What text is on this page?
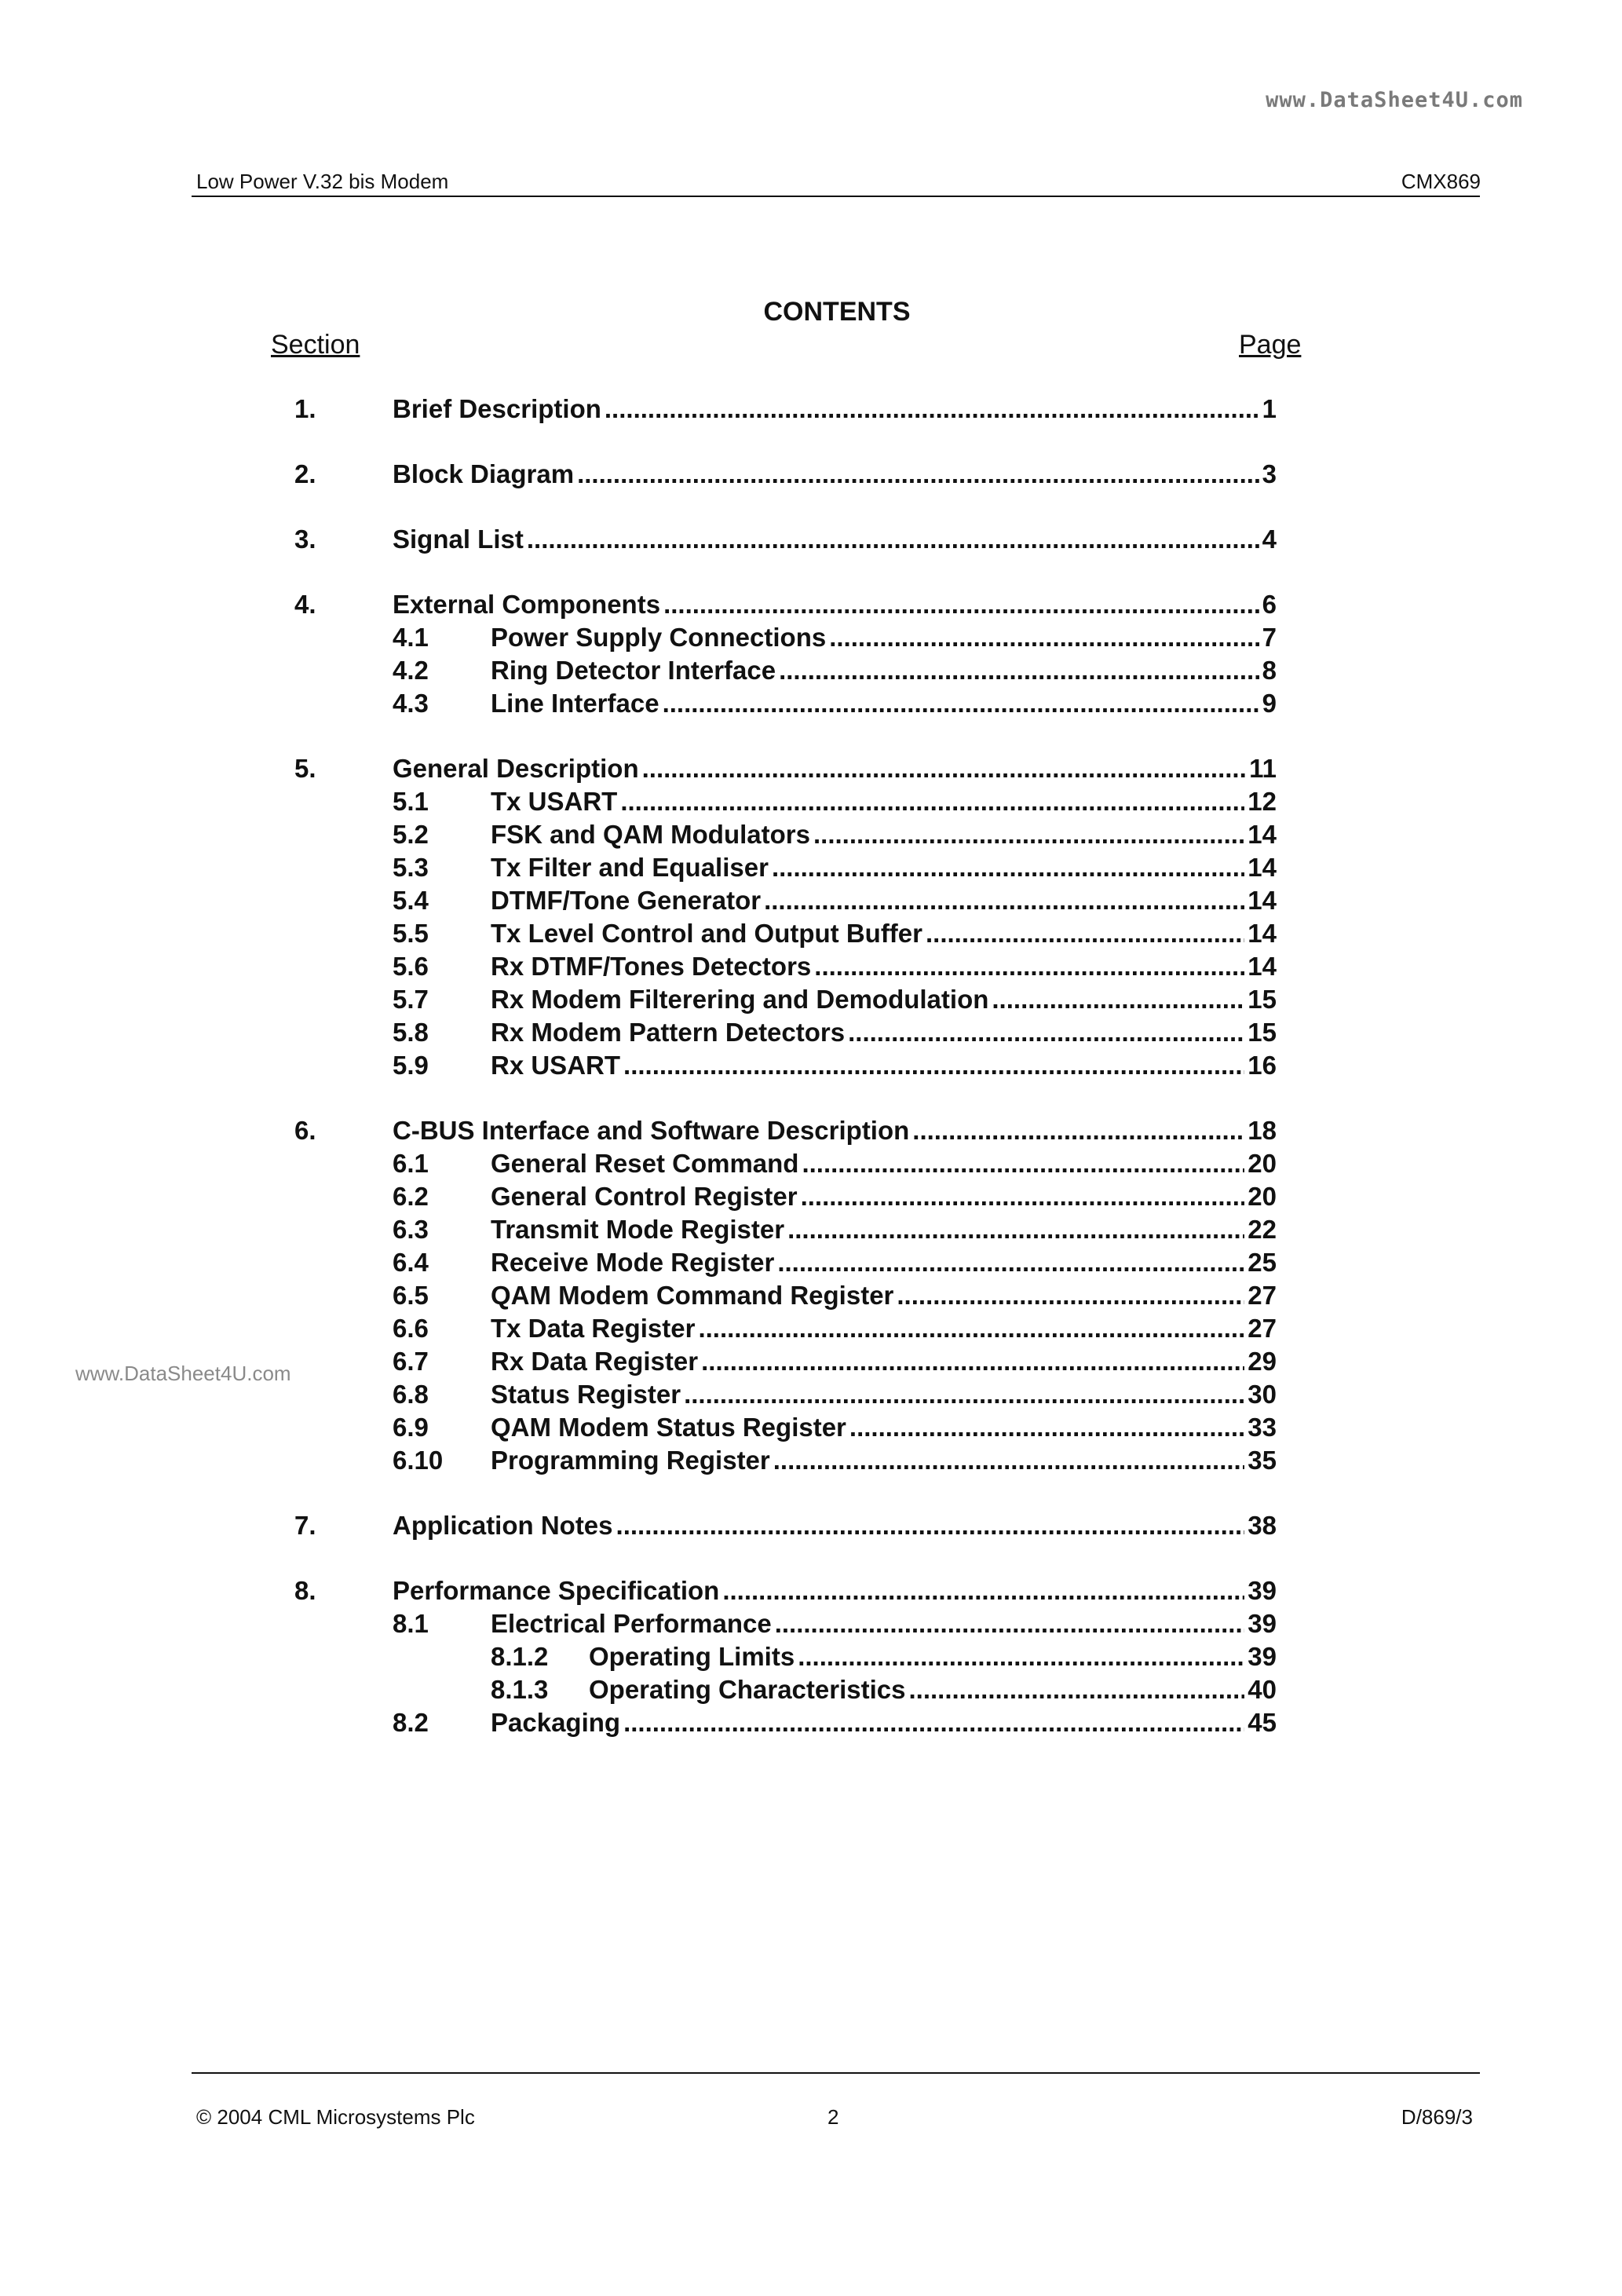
www.DataSheet4U.com
www.DataSheet4U.com
Low Power V.32 bis Modem	CMX869
CONTENTS
Section	Page
1.	Brief Description .....	1
2.	Block Diagram .....	3
3.	Signal List .....	4
4.	External Components .....	6
4.1 Power Supply Connections .....	7
4.2 Ring Detector Interface .....	8
4.3 Line Interface .....	9
5.	General Description .....	11
5.1 Tx USART .....	12
5.2 FSK and QAM Modulators .....	14
5.3 Tx Filter and Equaliser .....	14
5.4 DTMF/Tone Generator .....	14
5.5 Tx Level Control and Output Buffer .....	14
5.6 Rx DTMF/Tones Detectors .....	14
5.7 Rx Modem Filterering and Demodulation .....	15
5.8 Rx Modem Pattern Detectors .....	15
5.9 Rx USART .....	16
6.	C-BUS Interface and Software Description .....	18
6.1 General Reset Command .....	20
6.2 General Control Register .....	20
6.3 Transmit Mode Register .....	22
6.4 Receive Mode Register .....	25
6.5 QAM Modem Command Register .....	27
6.6 Tx Data Register .....	27
6.7 Rx Data Register .....	29
6.8 Status Register .....	30
6.9 QAM Modem Status Register .....	33
6.10 Programming Register .....	35
7.	Application Notes .....	38
8.	Performance Specification .....	39
8.1 Electrical Performance .....	39
8.1.2 Operating Limits .....	39
8.1.3 Operating Characteristics .....	40
8.2 Packaging .....	45
© 2004 CML Microsystems Plc	2	D/869/3
